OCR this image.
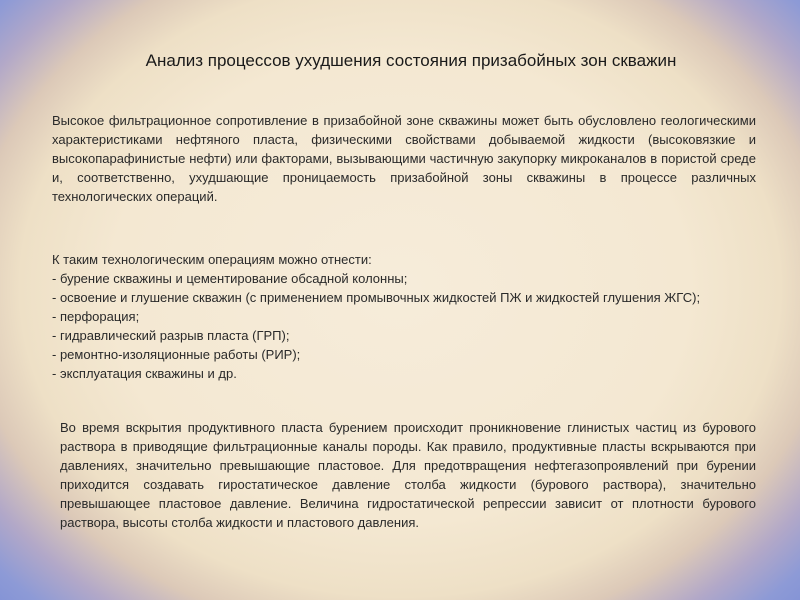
Анализ процессов ухудшения состояния призабойных зон скважин

Высокое фильтрационное сопротивление в призабойной зоне скважины может быть обусловлено геологическими характеристиками нефтяного пласта, физическими свойствами добываемой жидкости (высоковязкие и высокопарафинистые нефти) или факторами, вызывающими частичную закупорку микроканалов в пористой среде и, соответственно, ухудшающие проницаемость призабойной зоны скважины в процессе различных технологических операций.

К таким технологическим операциям можно отнести:

- бурение скважины и цементирование обсадной колонны;

- освоение и глушение скважин (с применением промывочных жидкостей ПЖ и жидкостей глушения ЖГС);

- перфорация;

- гидравлический разрыв пласта (ГРП);

- ремонтно-изоляционные работы (РИР);

- эксплуатация скважины и др.

Во время вскрытия продуктивного пласта бурением происходит проникновение глинистых частиц из бурового раствора в приводящие фильтрационные каналы породы. Как правило, продуктивные пласты вскрываются при давлениях, значительно превышающие пластовое. Для предотвращения нефтегазопроявлений при бурении приходится создавать гиростатическое давление столба жидкости (бурового раствора), значительно превышающее пластовое давление. Величина гидростатической репрессии зависит от плотности бурового раствора, высоты столба жидкости и пластового давления.
